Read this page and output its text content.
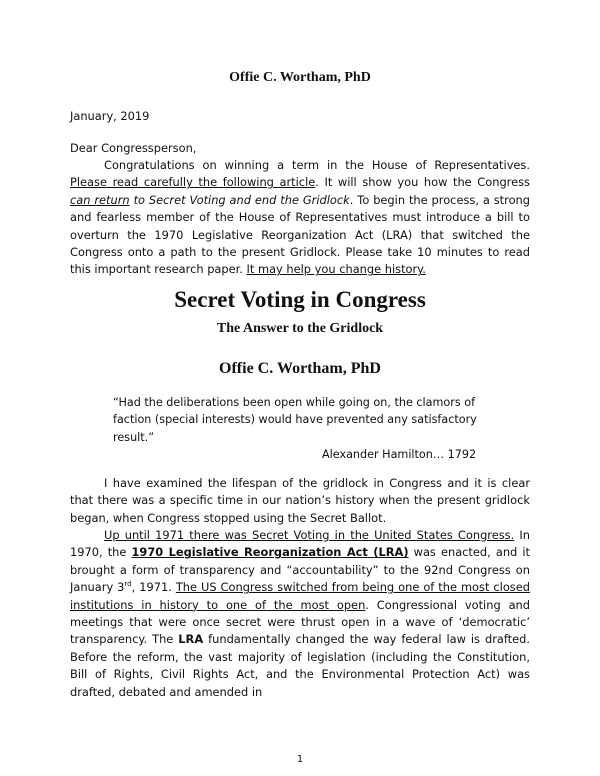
Offie C. Wortham, PhD
January, 2019
Dear Congressperson,
Congratulations on winning a term in the House of Representatives. Please read carefully the following article. It will show you how the Congress can return to Secret Voting and end the Gridlock. To begin the process, a strong and fearless member of the House of Representatives must introduce a bill to overturn the 1970 Legislative Reorganization Act (LRA) that switched the Congress onto a path to the present Gridlock. Please take 10 minutes to read this important research paper. It may help you change history.
Secret Voting in Congress
The Answer to the Gridlock
Offie C. Wortham, PhD
“Had the deliberations been open while going on, the clamors of faction (special interests) would have prevented any satisfactory result.”
Alexander Hamilton… 1792
I have examined the lifespan of the gridlock in Congress and it is clear that there was a specific time in our nation’s history when the present gridlock began, when Congress stopped using the Secret Ballot.
Up until 1971 there was Secret Voting in the United States Congress. In 1970, the 1970 Legislative Reorganization Act (LRA) was enacted, and it brought a form of transparency and “accountability” to the 92nd Congress on January 3rd, 1971. The US Congress switched from being one of the most closed institutions in history to one of the most open. Congressional voting and meetings that were once secret were thrust open in a wave of ‘democratic’ transparency. The LRA fundamentally changed the way federal law is drafted. Before the reform, the vast majority of legislation (including the Constitution, Bill of Rights, Civil Rights Act, and the Environmental Protection Act) was drafted, debated and amended in
1
